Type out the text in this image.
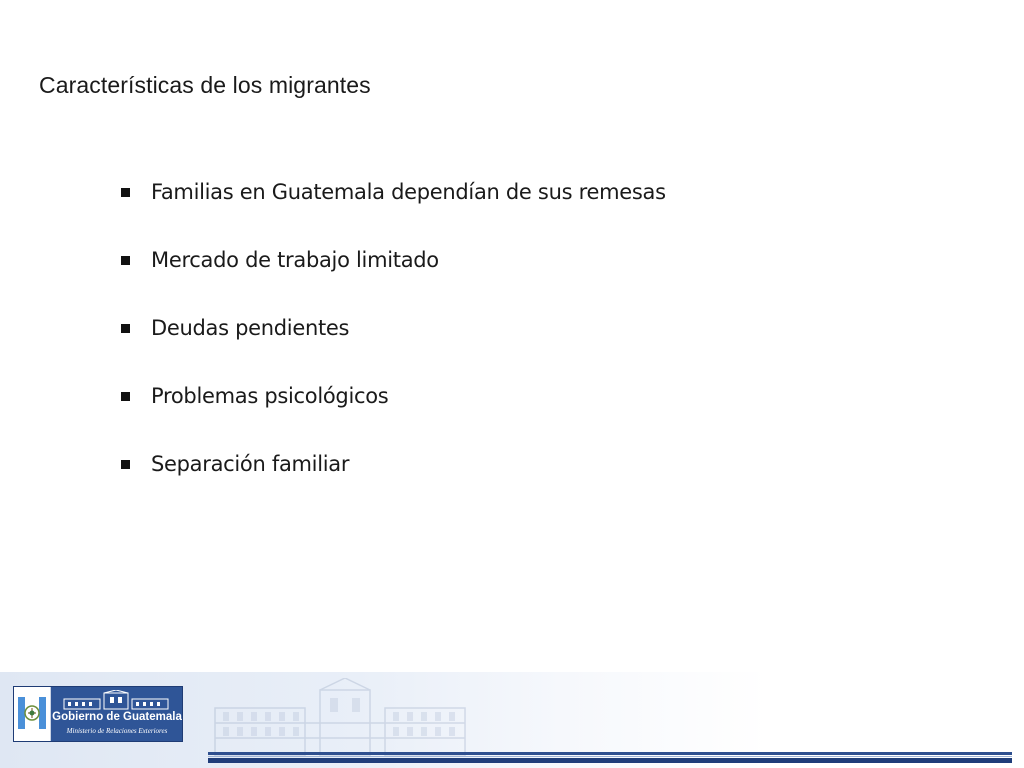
Características de los migrantes
Familias en Guatemala dependían de sus remesas
Mercado de trabajo limitado
Deudas pendientes
Problemas psicológicos
Separación familiar
Gobierno de Guatemala
Ministerio de Relaciones Exteriores
